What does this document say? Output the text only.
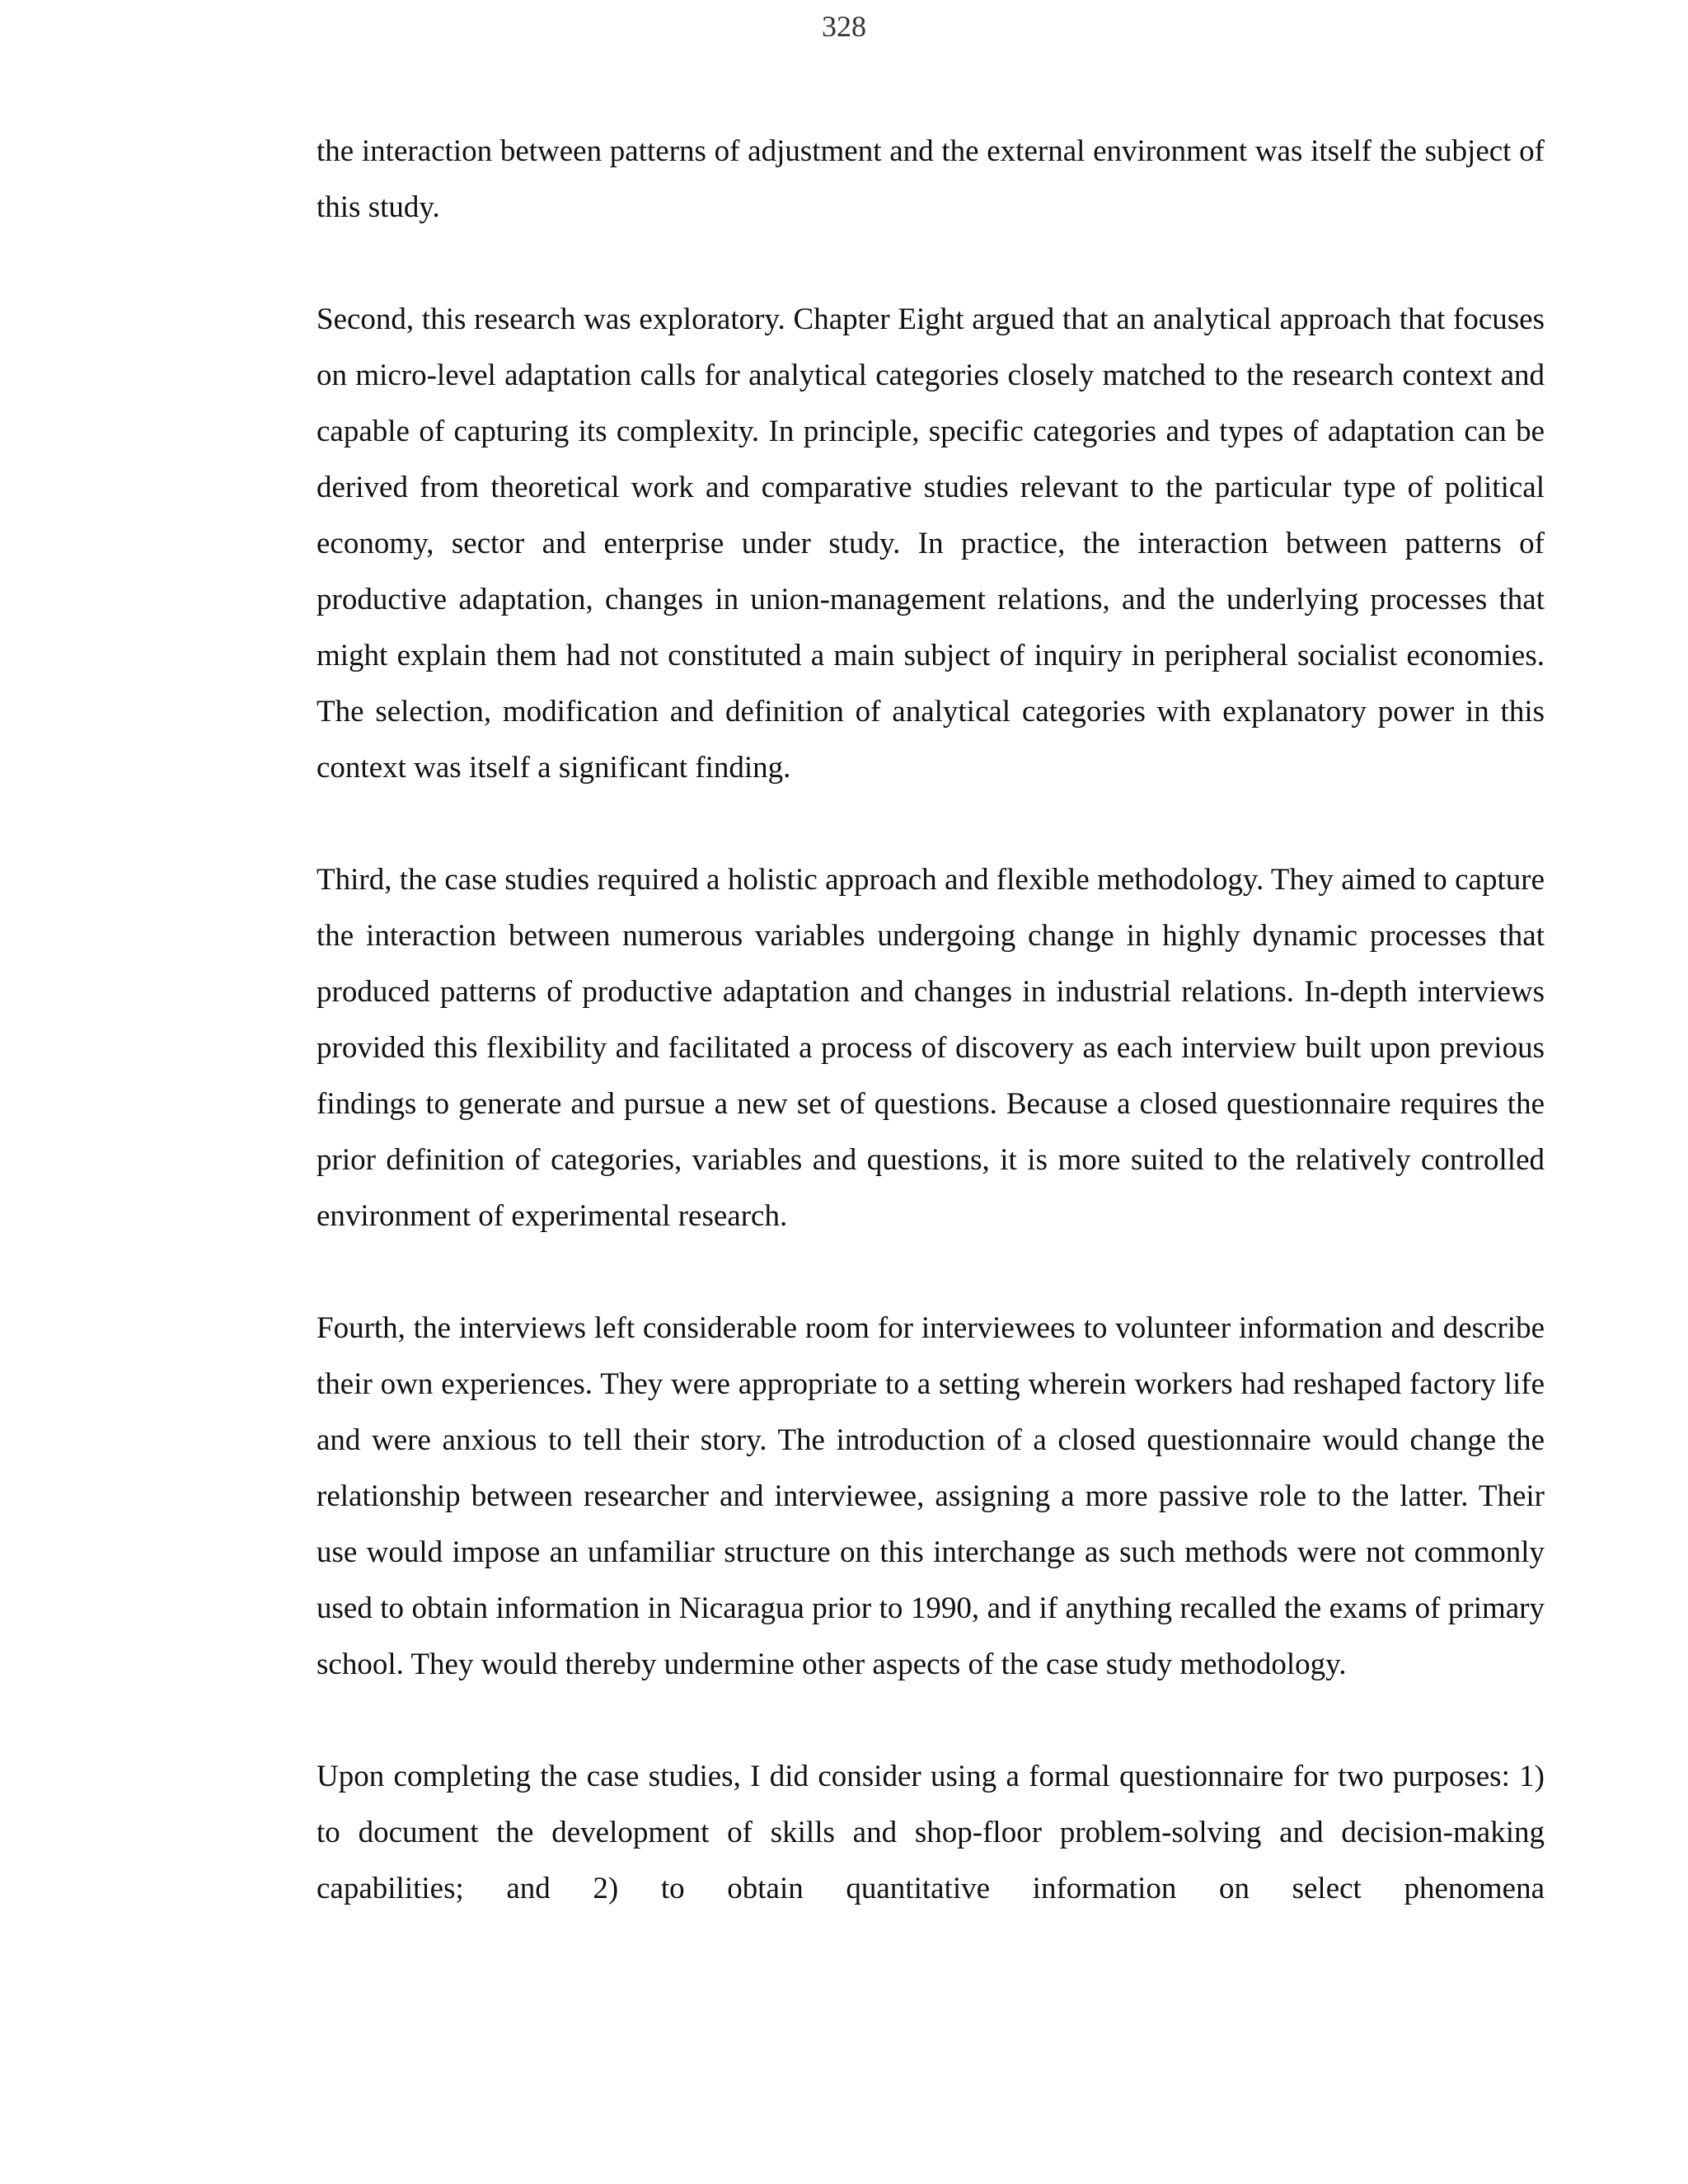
328

the interaction between patterns of adjustment and the external environment was itself the subject of this study.

Second, this research was exploratory. Chapter Eight argued that an analytical approach that focuses on micro-level adaptation calls for analytical categories closely matched to the research context and capable of capturing its complexity. In principle, specific categories and types of adaptation can be derived from theoretical work and comparative studies relevant to the particular type of political economy, sector and enterprise under study. In practice, the interaction between patterns of productive adaptation, changes in union-management relations, and the underlying processes that might explain them had not constituted a main subject of inquiry in peripheral socialist economies. The selection, modification and definition of analytical categories with explanatory power in this context was itself a significant finding.

Third, the case studies required a holistic approach and flexible methodology. They aimed to capture the interaction between numerous variables undergoing change in highly dynamic processes that produced patterns of productive adaptation and changes in industrial relations. In-depth interviews provided this flexibility and facilitated a process of discovery as each interview built upon previous findings to generate and pursue a new set of questions. Because a closed questionnaire requires the prior definition of categories, variables and questions, it is more suited to the relatively controlled environment of experimental research.

Fourth, the interviews left considerable room for interviewees to volunteer information and describe their own experiences. They were appropriate to a setting wherein workers had reshaped factory life and were anxious to tell their story. The introduction of a closed questionnaire would change the relationship between researcher and interviewee, assigning a more passive role to the latter. Their use would impose an unfamiliar structure on this interchange as such methods were not commonly used to obtain information in Nicaragua prior to 1990, and if anything recalled the exams of primary school. They would thereby undermine other aspects of the case study methodology.

Upon completing the case studies, I did consider using a formal questionnaire for two purposes: 1) to document the development of skills and shop-floor problem-solving and decision-making capabilities; and 2) to obtain quantitative information on select phenomena
